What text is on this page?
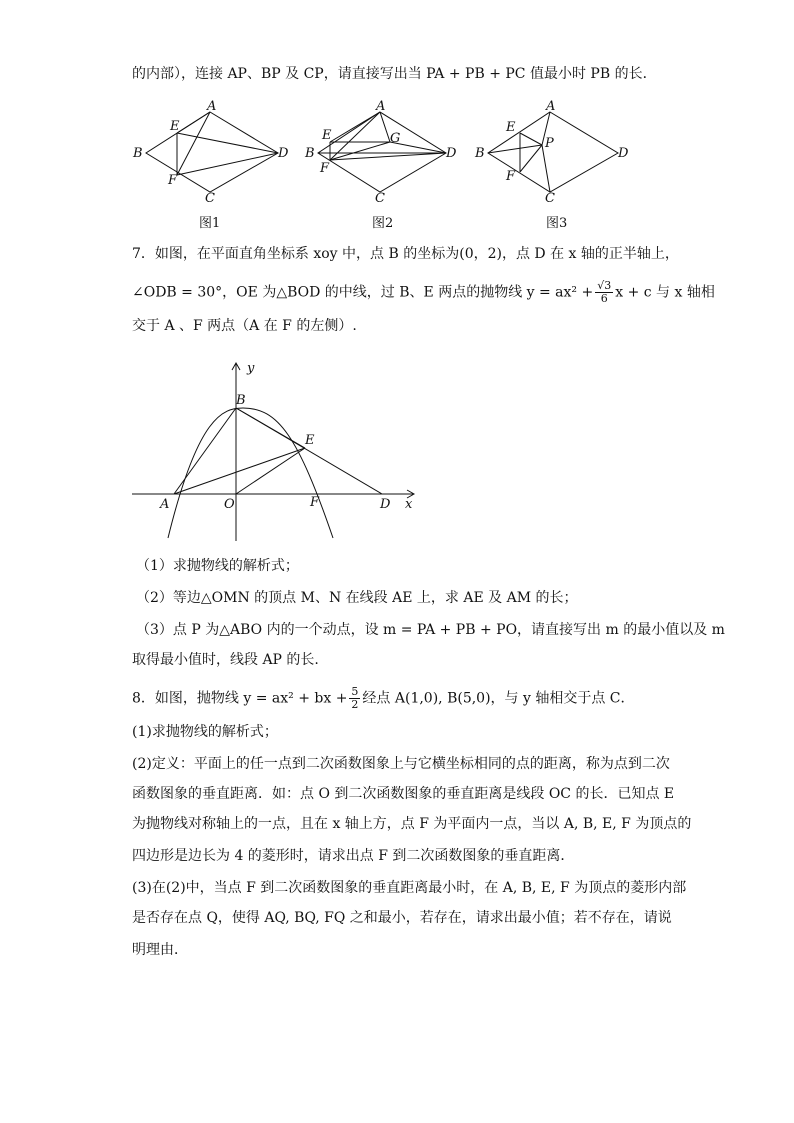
的内部），连接 AP、BP 及 CP，请直接写出当 PA + PB + PC 值最小时 PB 的长．
A
B
C
D
E
F
图1
A
B
C
D
E
F
G
图2
A
B
C
D
E
F
P
图3
7．如图，在平面直角坐标系 xoy 中，点 B 的坐标为(0，2)，点 D 在 x 轴的正半轴上，
∠ODB = 30°，OE 为△BOD 的中线，过 B、E 两点的抛物线 $y = ax^2 + \frac{√3}{6}$ x + c 与 x 轴相
交于 A 、F 两点（A 在 F 的左侧）.
y
x
B
E
A	O	F	D
（1）求抛物线的解析式；
（2）等边△OMN 的顶点 M、N 在线段 AE 上，求 AE 及 AM 的长；
（3）点 P 为△ABO 内的一个动点，设 m = PA + PB + PO，请直接写出 m 的最小值以及 m
取得最小值时，线段 AP 的长.
8．如图，抛物线 y = ax² + bx + $\frac{5}{2}$ 经点 A(1,0), B(5,0)，与 y 轴相交于点 C．
(1)求抛物线的解析式；
(2)定义：平面上的任一点到二次函数图象上与它横坐标相同的点的距离，称为点到二次
函数图象的垂直距离．如：点 O 到二次函数图象的垂直距离是线段 OC 的长．已知点 E
为抛物线对称轴上的一点，且在 x 轴上方，点 F 为平面内一点，当以 A, B, E, F 为顶点的
四边形是边长为 4 的菱形时，请求出点 F 到二次函数图象的垂直距离．
(3)在(2)中，当点 F 到二次函数图象的垂直距离最小时，在 A, B, E, F 为顶点的菱形内部
是否存在点 Q，使得 AQ, BQ, FQ 之和最小，若存在，请求出最小值；若不存在，请说
明理由．
